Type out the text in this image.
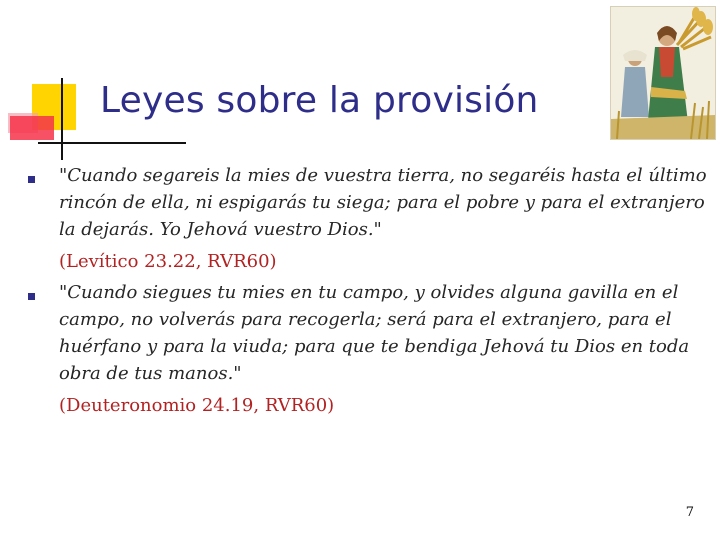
Leyes sobre la provisión

"Cuando segareis la mies de vuestra tierra, no segaréis hasta el último rincón de ella, ni espigarás tu siega; para el pobre y para el extranjero la dejarás. Yo Jehová vuestro Dios."

(Levítico 23.22, RVR60)

"Cuando siegues tu mies en tu campo, y olvides alguna gavilla en el campo, no volverás para recogerla; será para el extranjero, para el huérfano y para la viuda; para que te bendiga Jehová tu Dios en toda obra de tus manos."

(Deuteronomio 24.19, RVR60)

7
